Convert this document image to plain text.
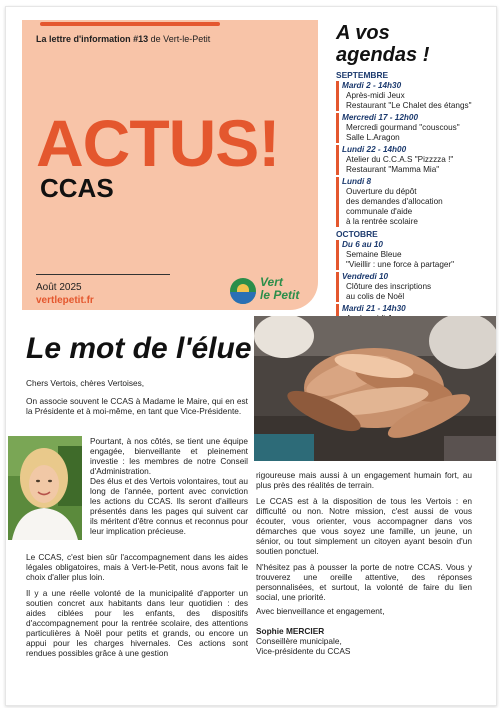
La lettre d'information #13 de Vert-le-Petit
ACTUS!
CCAS
Août 2025
vertlepetit.fr
Vert
le Petit
A vos
agendas !
SEPTEMBRE
Mardi 2 - 14h30
Après-midi Jeux
Restaurant "Le Chalet des étangs"
Mercredi 17 - 12h00
Mercredi gourmand "couscous"
Salle L.Aragon
Lundi 22 - 14h00
Atelier du C.C.A.S "Pizzzza !"
Restaurant "Mamma Mia"
Lundi 8
Ouverture du dépôt
des demandes d'allocation
communale d'aide
à la rentrée scolaire
OCTOBRE
Du 6 au 10
Semaine Bleue
"Vieillir : une force à partager"
Vendredi 10
Clôture des inscriptions
au colis de Noël
Mardi 21 - 14h30
Le mot de l'élue
Chers Vertois, chères Vertoises,
On associe souvent le CCAS à Madame le Maire, qui en est la Présidente et à moi-même, en tant que Vice-Présidente.
Pourtant, à nos côtés, se tient une équipe engagée, bienveillante et pleinement investie : les membres de notre Conseil d'Administration.
Des élus et des Vertois volontaires, tout au long de l'année, portent avec conviction les actions du CCAS. Ils seront d'ailleurs présentés dans les pages qui suivent car ils méritent d'être connus et reconnus pour leur implication précieuse.
Le CCAS, c'est bien sûr l'accompagnement dans les aides légales obligatoires, mais à Vert-le-Petit, nous avons fait le choix d'aller plus loin.
Il y a une réelle volonté de la municipalité d'apporter un soutien concret aux habitants dans leur quotidien : des aides ciblées pour les enfants, des dispositifs d'accompagnement pour la rentrée scolaire, des attentions particulières à Noël pour petits et grands, ou encore un appui pour les charges hivernales. Ces actions sont rendues possibles grâce à une gestion
rigoureuse mais aussi à un engagement humain fort, au plus près des réalités de terrain.
Le CCAS est à la disposition de tous les Vertois : en difficulté ou non. Notre mission, c'est aussi de vous écouter, vous orienter, vous accompagner dans vos démarches que vous soyez une famille, un jeune, un sénior, ou tout simplement un citoyen ayant besoin d'un soutien ponctuel.
N'hésitez pas à pousser la porte de notre CCAS. Vous y trouverez une oreille attentive, des réponses personnalisées, et surtout, la volonté de faire du lien social, une priorité.
Avec bienveillance et engagement,
Sophie MERCIER
Conseillère municipale,
Vice-présidente du CCAS
